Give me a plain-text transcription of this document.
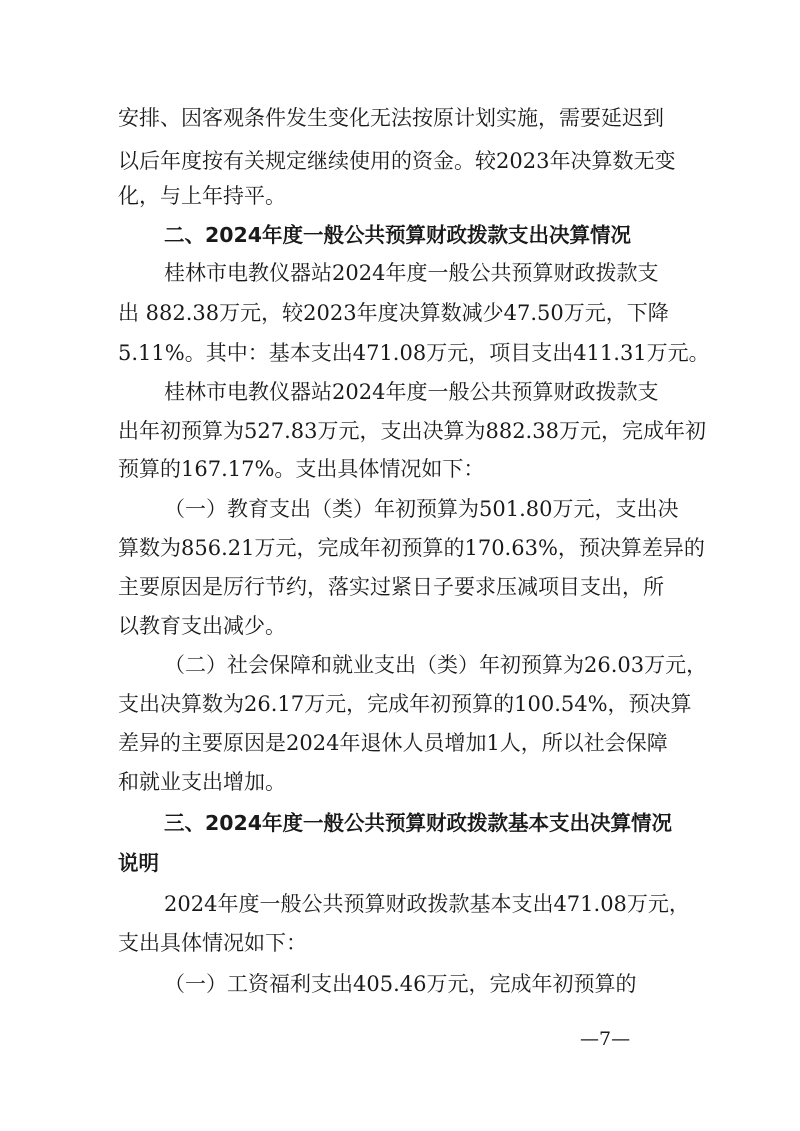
安排、因客观条件发生变化无法按原计划实施，需要延迟到

以后年度按有关规定继续使用的资金。较2023年决算数无变

化，与上年持平。

二、2024年度一般公共预算财政拨款支出决算情况

桂林市电教仪器站2024年度一般公共预算财政拨款支

出 882.38万元，较2023年度决算数减少47.50万元，下降

5.11%。其中：基本支出471.08万元，项目支出411.31万元。

桂林市电教仪器站2024年度一般公共预算财政拨款支

出年初预算为527.83万元，支出决算为882.38万元，完成年初

预算的167.17%。支出具体情况如下：

（一）教育支出（类）年初预算为501.80万元，支出决

算数为856.21万元，完成年初预算的170.63%，预决算差异的

主要原因是厉行节约，落实过紧日子要求压减项目支出，所

以教育支出减少。

（二）社会保障和就业支出（类）年初预算为26.03万元，

支出决算数为26.17万元，完成年初预算的100.54%，预决算

差异的主要原因是2024年退休人员增加1人，所以社会保障

和就业支出增加。

三、2024年度一般公共预算财政拨款基本支出决算情况

说明

2024年度一般公共预算财政拨款基本支出471.08万元，

支出具体情况如下：

（一）工资福利支出405.46万元，完成年初预算的

—7—
